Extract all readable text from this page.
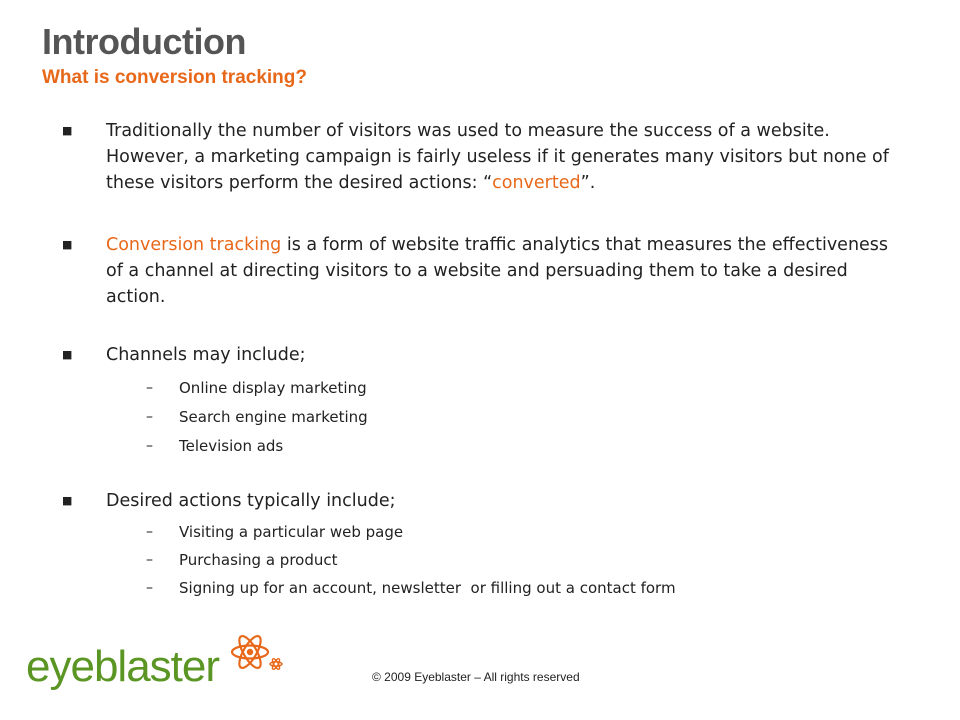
Introduction
What is conversion tracking?
■ Traditionally the number of visitors was used to measure the success of a website. However, a marketing campaign is fairly useless if it generates many visitors but none of these visitors perform the desired actions: “converted”.
■ Conversion tracking is a form of website traffic analytics that measures the effectiveness of a channel at directing visitors to a website and persuading them to take a desired action.
■ Channels may include;
– Online display marketing
– Search engine marketing
– Television ads
■ Desired actions typically include;
– Visiting a particular web page
– Purchasing a product
– Signing up for an account, newsletter  or filling out a contact form
eyeblaster	© 2009 Eyeblaster – All rights reserved
